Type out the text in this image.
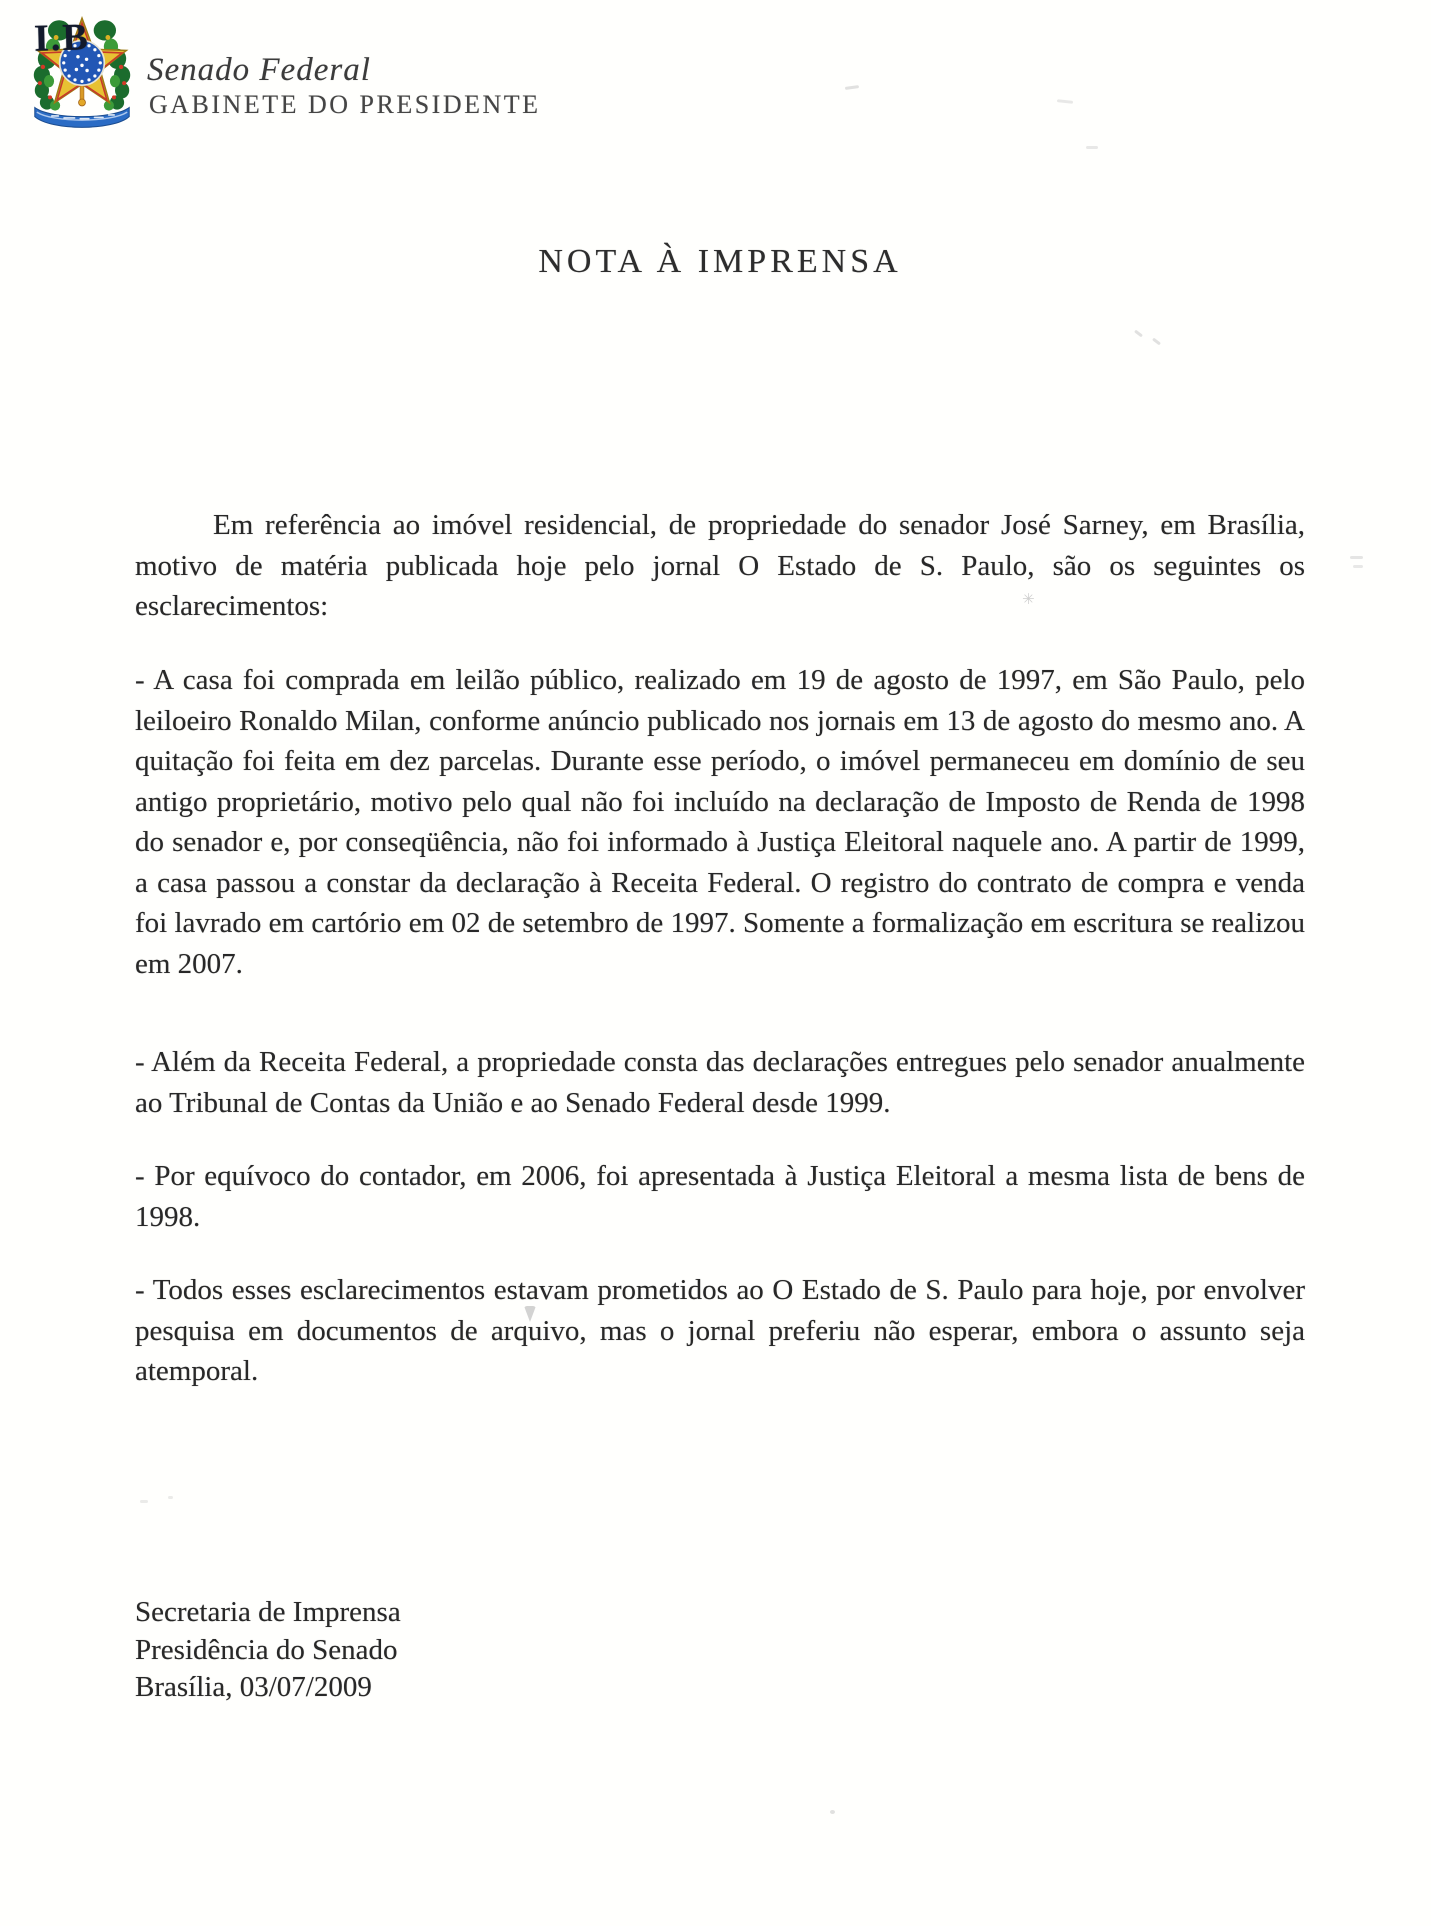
I.B
Senado Federal
GABINETE DO PRESIDENTE
NOTA À IMPRENSA

Em referência ao imóvel residencial, de propriedade do senador José Sarney, em Brasília, motivo de matéria publicada hoje pelo jornal O Estado de S. Paulo, são os seguintes os esclarecimentos:

- A casa foi comprada em leilão público, realizado em 19 de agosto de 1997, em São Paulo, pelo leiloeiro Ronaldo Milan, conforme anúncio publicado nos jornais em 13 de agosto do mesmo ano. A quitação foi feita em dez parcelas. Durante esse período, o imóvel permaneceu em domínio de seu antigo proprietário, motivo pelo qual não foi incluído na declaração de Imposto de Renda de 1998 do senador e, por conseqüência, não foi informado à Justiça Eleitoral naquele ano. A partir de 1999, a casa passou a constar da declaração à Receita Federal. O registro do contrato de compra e venda foi lavrado em cartório em 02 de setembro de 1997. Somente a formalização em escritura se realizou em 2007.

- Além da Receita Federal, a propriedade consta das declarações entregues pelo senador anualmente ao Tribunal de Contas da União e ao Senado Federal desde 1999.

- Por equívoco do contador, em 2006, foi apresentada à Justiça Eleitoral a mesma lista de bens de 1998.

- Todos esses esclarecimentos estavam prometidos ao O Estado de S. Paulo para hoje, por envolver pesquisa em documentos de arquivo, mas o jornal preferiu não esperar, embora o assunto seja atemporal.

Secretaria de Imprensa
Presidência do Senado
Brasília, 03/07/2009
✳
